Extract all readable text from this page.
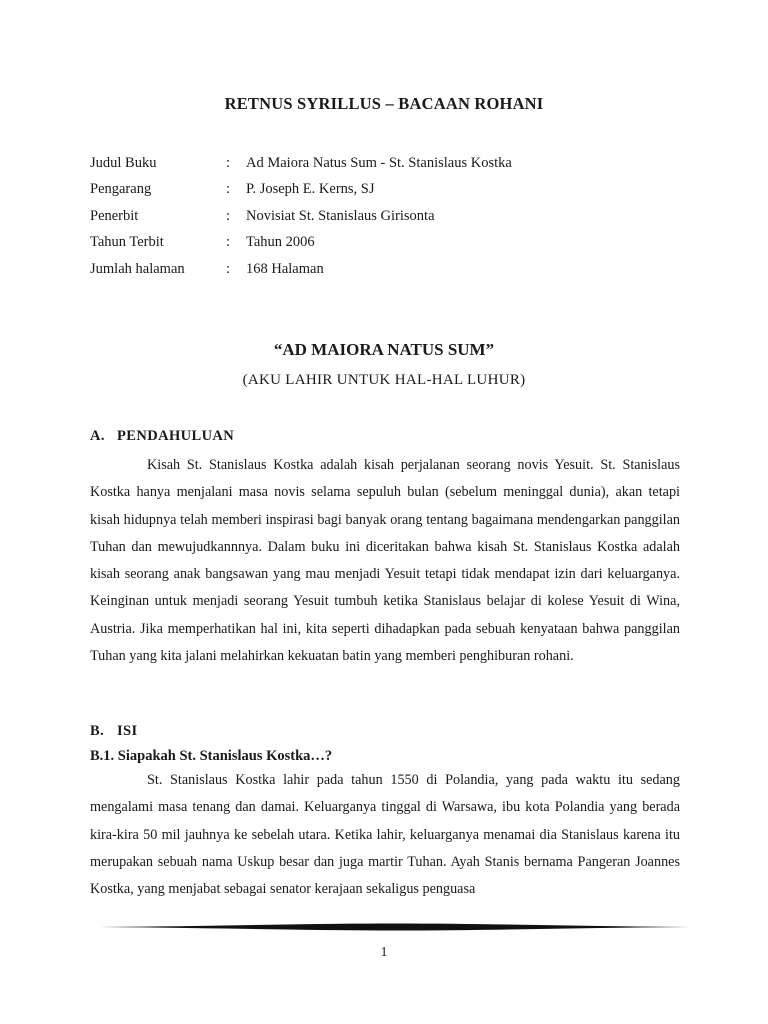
RETNUS SYRILLUS – BACAAN ROHANI
Judul Buku	:	Ad Maiora Natus Sum - St. Stanislaus Kostka
Pengarang	:	P. Joseph E. Kerns, SJ
Penerbit	:	Novisiat St. Stanislaus Girisonta
Tahun Terbit	:	Tahun 2006
Jumlah halaman	:	168 Halaman
“AD MAIORA NATUS SUM”
(AKU LAHIR UNTUK HAL-HAL LUHUR)
A. PENDAHULUAN

Kisah St. Stanislaus Kostka adalah kisah perjalanan seorang novis Yesuit. St. Stanislaus Kostka hanya menjalani masa novis selama sepuluh bulan (sebelum meninggal dunia), akan tetapi kisah hidupnya telah memberi inspirasi bagi banyak orang tentang bagaimana mendengarkan panggilan Tuhan dan mewujudkannnya. Dalam buku ini diceritakan bahwa kisah St. Stanislaus Kostka adalah kisah seorang anak bangsawan yang mau menjadi Yesuit tetapi tidak mendapat izin dari keluarganya. Keinginan untuk menjadi seorang Yesuit tumbuh ketika Stanislaus belajar di kolese Yesuit di Wina, Austria. Jika memperhatikan hal ini, kita seperti dihadapkan pada sebuah kenyataan bahwa panggilan Tuhan yang kita jalani melahirkan kekuatan batin yang memberi penghiburan rohani.

B. ISI
B.1. Siapakah St. Stanislaus Kostka…?

St. Stanislaus Kostka lahir pada tahun 1550 di Polandia, yang pada waktu itu sedang mengalami masa tenang dan damai. Keluarganya tinggal di Warsawa, ibu kota Polandia yang berada kira-kira 50 mil jauhnya ke sebelah utara. Ketika lahir, keluarganya menamai dia Stanislaus karena itu merupakan sebuah nama Uskup besar dan juga martir Tuhan. Ayah Stanis bernama Pangeran Joannes Kostka, yang menjabat sebagai senator kerajaan sekaligus penguasa

1
